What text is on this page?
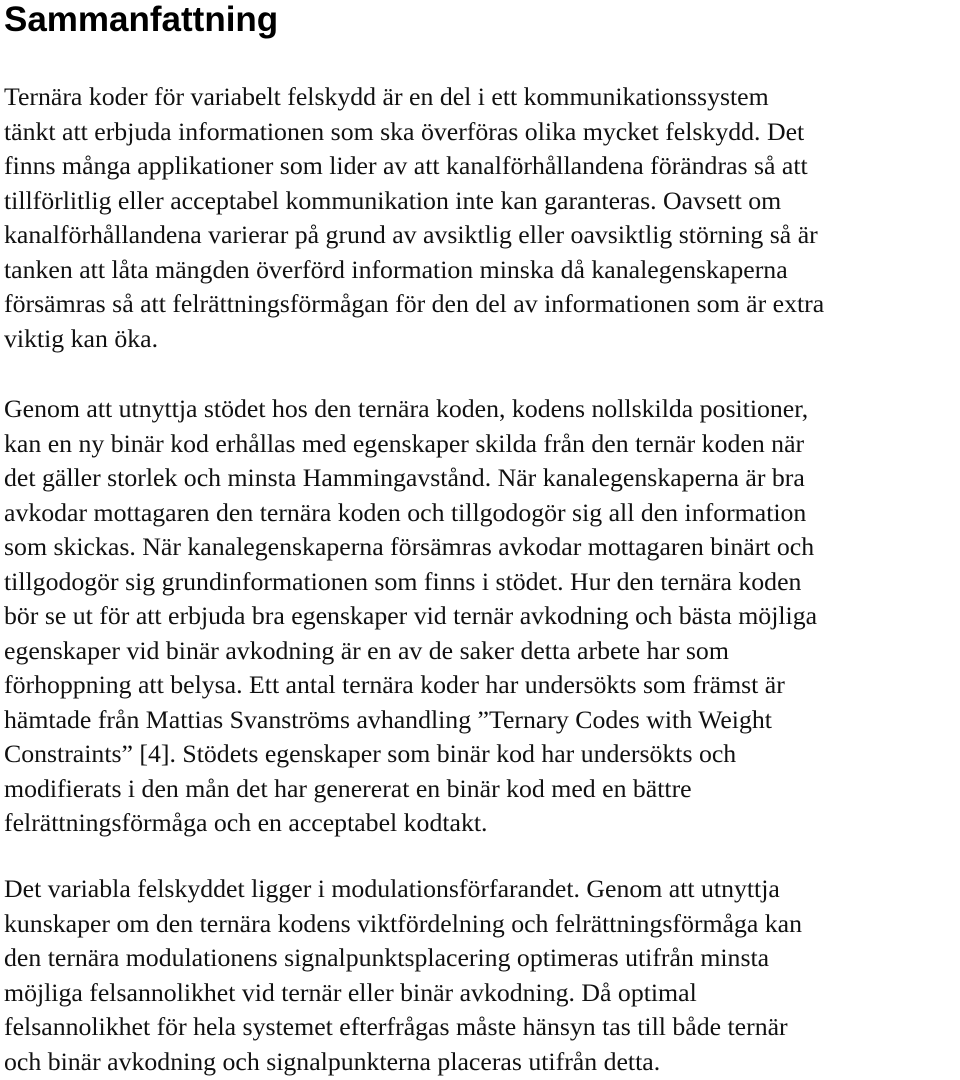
Sammanfattning
Ternära koder för variabelt felskydd är en del i ett kommunikationssystem
tänkt att erbjuda informationen som ska överföras olika mycket felskydd. Det
finns många applikationer som lider av att kanalförhållandena förändras så att
tillförlitlig eller acceptabel kommunikation inte kan garanteras. Oavsett om
kanalförhållandena varierar på grund av avsiktlig eller oavsiktlig störning så är
tanken att låta mängden överförd information minska då kanalegenskaperna
försämras så att felrättningsförmågan för den del av informationen som är extra
viktig kan öka.
Genom att utnyttja stödet hos den ternära koden, kodens nollskilda positioner,
kan en ny binär kod erhållas med egenskaper skilda från den ternär koden när
det gäller storlek och minsta Hammingavstånd. När kanalegenskaperna är bra
avkodar mottagaren den ternära koden och tillgodogör sig all den information
som skickas. När kanalegenskaperna försämras avkodar mottagaren binärt och
tillgodogör sig grundinformationen som finns i stödet. Hur den ternära koden
bör se ut för att erbjuda bra egenskaper vid ternär avkodning och bästa möjliga
egenskaper vid binär avkodning är en av de saker detta arbete har som
förhoppning att belysa. Ett antal ternära koder har undersökts som främst är
hämtade från Mattias Svanströms avhandling ”Ternary Codes with Weight
Constraints” [4]. Stödets egenskaper som binär kod har undersökts och
modifierats i den mån det har genererat en binär kod med en bättre
felrättningsförmåga och en acceptabel kodtakt.
Det variabla felskyddet ligger i modulationsförfarandet. Genom att utnyttja
kunskaper om den ternära kodens viktfördelning och felrättningsförmåga kan
den ternära modulationens signalpunktsplacering optimeras utifrån minsta
möjliga felsannolikhet vid ternär eller binär avkodning. Då optimal
felsannolikhet för hela systemet efterfrågas måste hänsyn tas till både ternär
och binär avkodning och signalpunkterna placeras utifrån detta.
